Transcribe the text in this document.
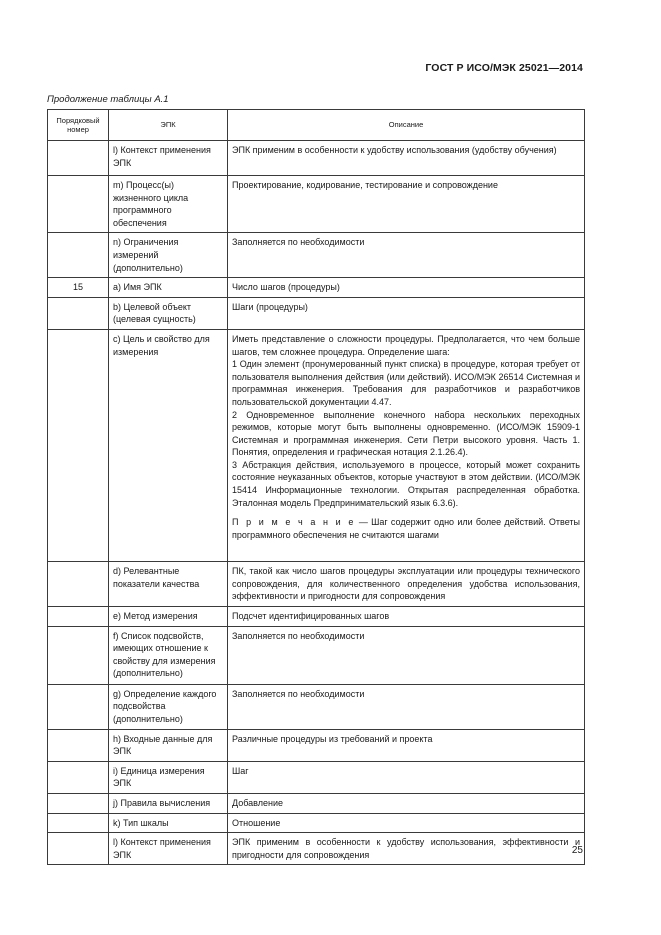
ГОСТ Р ИСО/МЭК 25021—2014
Продолжение таблицы А.1
Порядковый номер	ЭПК	Описание
	l) Контекст применения ЭПК	ЭПК применим в особенности к удобству использования (удобству обучения)
	m) Процесс(ы) жизненного цикла программного обеспечения	Проектирование, кодирование, тестирование и сопровождение
	n) Ограничения измерений (дополнительно)	Заполняется по необходимости
15	a) Имя ЭПК	Число шагов (процедуры)
	b) Целевой объект (целевая сущность)	Шаги (процедуры)
	c) Цель и свойство для измерения	Иметь представление о сложности процедуры. Предполагается, что чем больше шагов, тем сложнее процедура. Определение шага:
1 Один элемент (пронумерованный пункт списка) в процедуре, которая требует от пользователя выполнения действия (или действий). ИСО/МЭК 26514 Системная и программная инженерия. Требования для разработчиков и разработчиков пользовательской документации 4.47.
2 Одновременное выполнение конечного набора нескольких переходных режимов, которые могут быть выполнены одновременно. (ИСО/МЭК 15909-1 Системная и программная инженерия. Сети Петри высокого уровня. Часть 1. Понятия, определения и графическая нотация 2.1.26.4).
3 Абстракция действия, используемого в процессе, который может сохранить состояние неуказанных объектов, которые участвуют в этом действии. (ИСО/МЭК 15414 Информационные технологии. Открытая распределенная обработка. Эталонная модель Предпринимательский язык 6.3.6).
П р и м е ч а н и е — Шаг содержит одно или более действий. Ответы программного обеспечения не считаются шагами

	d) Релевантные показатели качества	ПК, такой как число шагов процедуры эксплуатации или процедуры технического сопровождения, для количественного определения удобства использования, эффективности и пригодности для сопровождения
	e) Метод измерения	Подсчет идентифицированных шагов
	f) Список подсвойств, имеющих отношение к свойству для измерения (дополнительно)	Заполняется по необходимости
	g) Определение каждого подсвойства (дополнительно)	Заполняется по необходимости
	h) Входные данные для ЭПК	Различные процедуры из требований и проекта
	i) Единица измерения ЭПК	Шаг
	j) Правила вычисления	Добавление
	k) Тип шкалы	Отношение
	l) Контекст применения ЭПК	ЭПК применим в особенности к удобству использования, эффективности и пригодности для сопровождения	25
